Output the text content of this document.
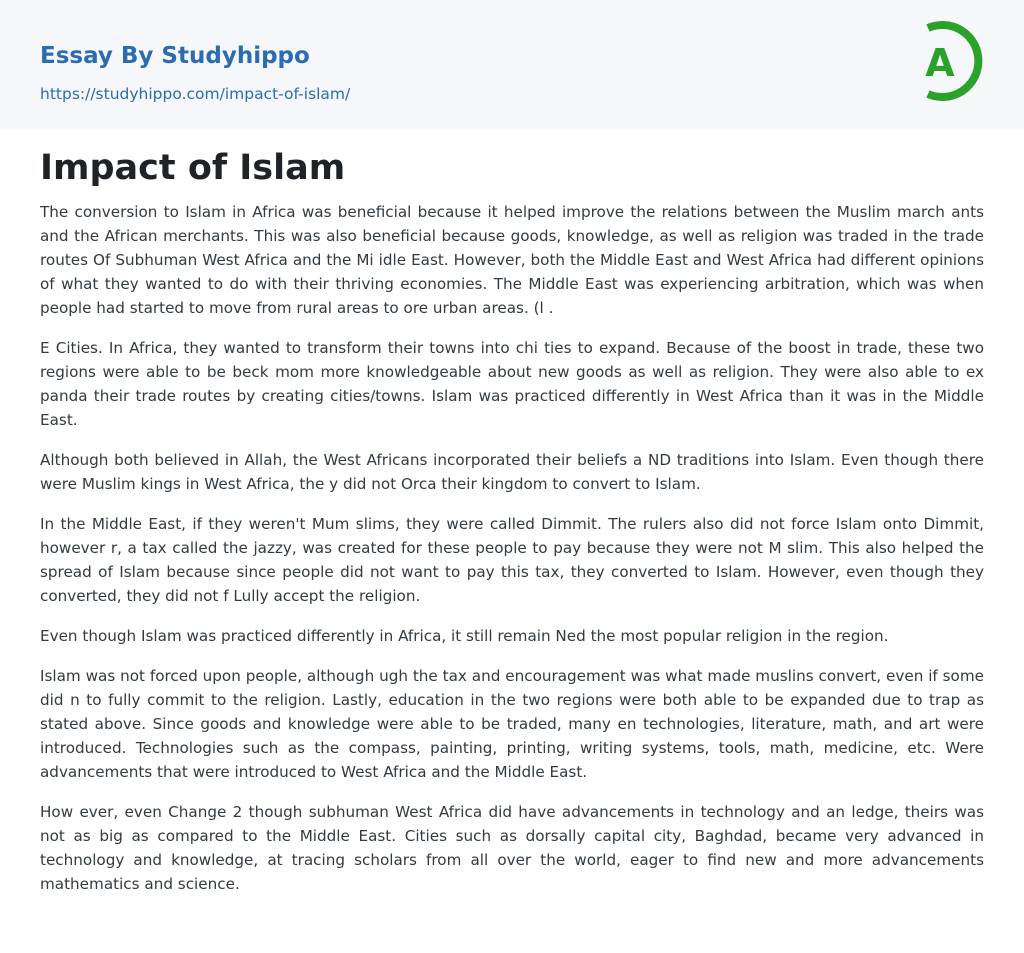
Essay By Studyhippo
https://studyhippo.com/impact-of-islam/
A
Impact of Islam

The conversion to Islam in Africa was beneficial because it helped improve the relations between the Muslim march ants and the African merchants. This was also beneficial because goods, knowledge, as well as religion was traded in the trade routes Of Subhuman West Africa and the Mi idle East. However, both the Middle East and West Africa had different opinions of what they wanted to do with their thriving economies. The Middle East was experiencing arbitration, which was when people had started to move from rural areas to ore urban areas. (l .

E Cities. In Africa, they wanted to transform their towns into chi ties to expand. Because of the boost in trade, these two regions were able to be beck mom more knowledgeable about new goods as well as religion. They were also able to ex panda their trade routes by creating cities/towns. Islam was practiced differently in West Africa than it was in the Middle East.

Although both believed in Allah, the West Africans incorporated their beliefs a ND traditions into Islam. Even though there were Muslim kings in West Africa, the y did not Orca their kingdom to convert to Islam.

In the Middle East, if they weren't Mum slims, they were called Dimmit. The rulers also did not force Islam onto Dimmit, however r, a tax called the jazzy, was created for these people to pay because they were not M slim. This also helped the spread of Islam because since people did not want to pay this tax, they converted to Islam. However, even though they converted, they did not f Lully accept the religion.

Even though Islam was practiced differently in Africa, it still remain Ned the most popular religion in the region.

Islam was not forced upon people, although ugh the tax and encouragement was what made muslins convert, even if some did n to fully commit to the religion. Lastly, education in the two regions were both able to be expanded due to trap as stated above. Since goods and knowledge were able to be traded, many en technologies, literature, math, and art were introduced. Technologies such as the compass, painting, printing, writing systems, tools, math, medicine, etc. Were advancements that were introduced to West Africa and the Middle East.

How ever, even Change 2 though subhuman West Africa did have advancements in technology and an ledge, theirs was not as big as compared to the Middle East. Cities such as dorsally capital city, Baghdad, became very advanced in technology and knowledge, at tracing scholars from all over the world, eager to find new and more advancements mathematics and science.
